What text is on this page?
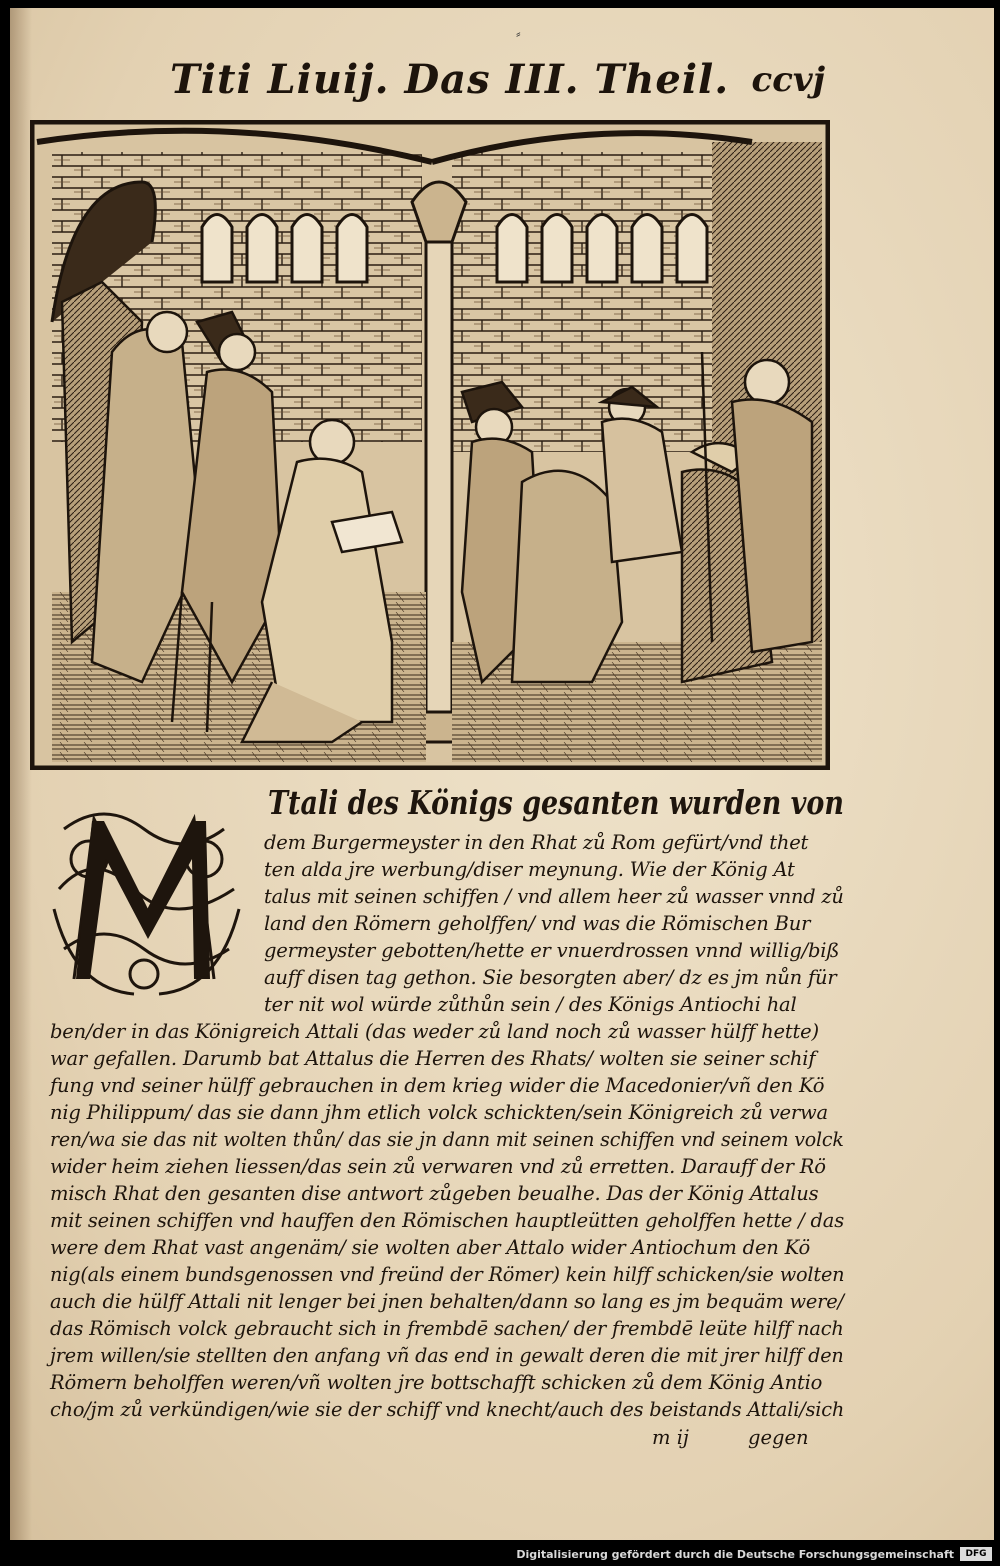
⸗
Titi Liuij. Das III. Theil. ccvj
Ttali des Königs gesanten wurden von
dem Burgermeyster in den Rhat zů Rom gefürt/vnd thet
ten alda jre werbung/diser meynung. Wie der König At
talus mit seinen schiffen / vnd allem heer zů wasser vnnd zů
land den Römern geholffen/ vnd was die Römischen Bur
germeyster gebotten/hette er vnuerdrossen vnnd willig/biß
auff disen tag gethon. Sie besorgten aber/ dz es jm nůn für
ter nit wol würde zůthůn sein / des Königs Antiochi hal
ben/der in das Königreich Attali (das weder zů land noch zů wasser hülff hette)
war gefallen. Darumb bat Attalus die Herren des Rhats/ wolten sie seiner schif
fung vnd seiner hülff gebrauchen in dem krieg wider die Macedonier/vñ den Kö
nig Philippum/ das sie dann jhm etlich volck schickten/sein Königreich zů verwa
ren/wa sie das nit wolten thůn/ das sie jn dann mit seinen schiffen vnd seinem volck
wider heim ziehen liessen/das sein zů verwaren vnd zů erretten. Darauff der Rö
misch Rhat den gesanten dise antwort zůgeben beualhe. Das der König Attalus
mit seinen schiffen vnd hauffen den Römischen hauptleütten geholffen hette / das
were dem Rhat vast angenäm/ sie wolten aber Attalo wider Antiochum den Kö
nig(als einem bundsgenossen vnd freünd der Römer) kein hilff schicken/sie wolten
auch die hülff Attali nit lenger bei jnen behalten/dann so lang es jm bequäm were/
das Römisch volck gebraucht sich in frembdē sachen/ der frembdē leüte hilff nach
jrem willen/sie stellten den anfang vñ das end in gewalt deren die mit jrer hilff den
Römern beholffen weren/vñ wolten jre bottschafft schicken zů dem König Antio
cho/jm zů verkündigen/wie sie der schiff vnd knecht/auch des beistands Attali/sich
m ij	gegen
Digitalisierung gefördert durch die Deutsche Forschungsgemeinschaft	DFG
